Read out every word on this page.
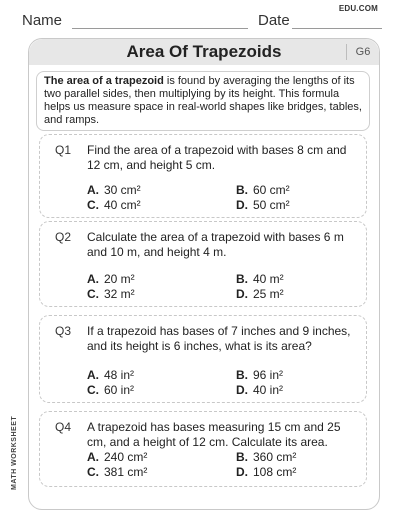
Name	Date
EDU.COM
Area Of Trapezoids	G6
The area of a trapezoid is found by averaging the lengths of its two parallel sides, then multiplying by its height. This formula helps us measure space in real-world shapes like bridges, tables, and ramps.
Q1 Find the area of a trapezoid with bases 8 cm and 12 cm, and height 5 cm.
A. 30 cm²	B. 60 cm²
C. 40 cm²	D. 50 cm²
Q2 Calculate the area of a trapezoid with bases 6 m and 10 m, and height 4 m.
A. 20 m²	B. 40 m²
C. 32 m²	D. 25 m²
Q3 If a trapezoid has bases of 7 inches and 9 inches, and its height is 6 inches, what is its area?
A. 48 in²	B. 96 in²
C. 60 in²	D. 40 in²
Q4 A trapezoid has bases measuring 15 cm and 25 cm, and a height of 12 cm. Calculate its area.
A. 240 cm²	B. 360 cm²
C. 381 cm²	D. 108 cm²
MATH WORKSHEET
